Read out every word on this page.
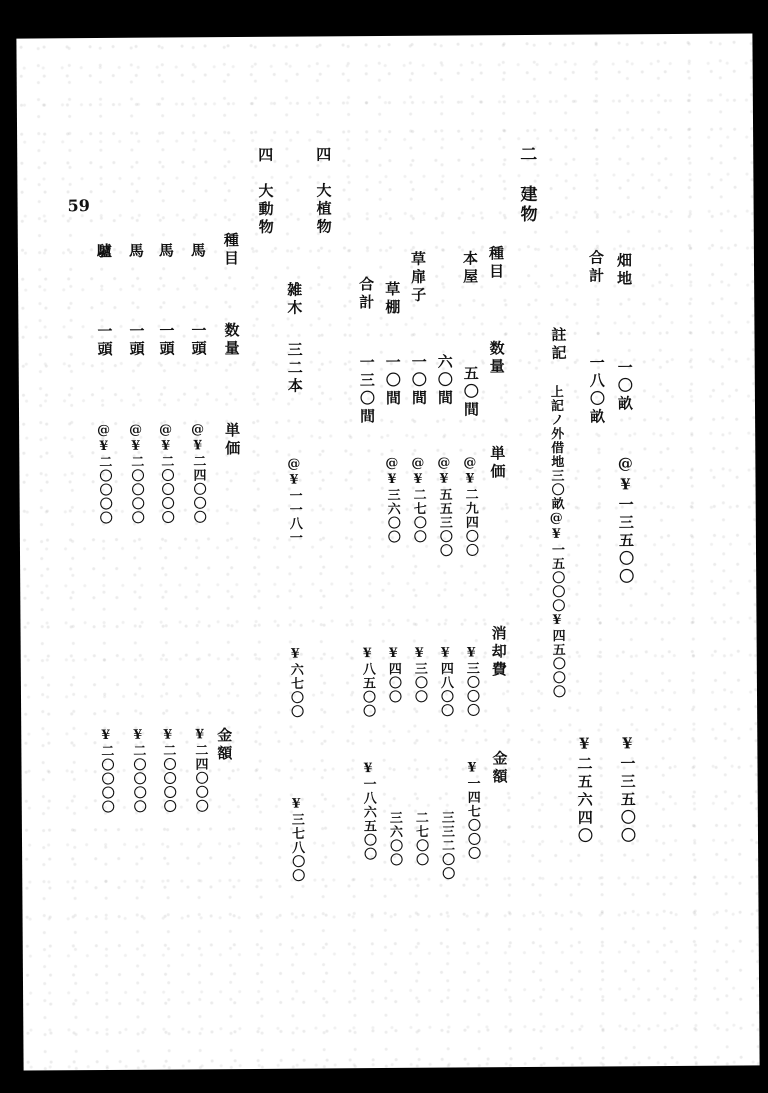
59
畑地
一〇畝
@¥一三五〇〇
¥一三五〇〇
合計
一八〇畝
¥二五六四〇
註記
上記ノ外借地三〇畝@¥一五〇〇〇¥四五〇〇〇
二　建物
種目
数量
単価
消却費
金額
本屋
五〇間
@¥二九四〇〇
¥三〇〇〇
¥一四七〇〇〇
六〇間
@¥五五三〇〇
¥四八〇〇
三三二〇〇
草扉子
一〇間
@¥二七〇〇
¥三〇〇
二七〇〇
草棚
一〇間
@¥三六〇〇
¥四〇〇
三六〇〇
合計
一三〇間
¥八五〇〇
¥一八六五〇〇
四　大植物
雑木
三二本
@¥一一八一
¥六七〇〇
¥三七八〇〇
四　大動物
種目
数量
単価
金額
馬
一頭
@¥二四〇〇〇
¥二四〇〇〇
馬
一頭
@¥二〇〇〇〇
¥二〇〇〇〇
馬
一頭
@¥二〇〇〇〇
¥二〇〇〇〇
驢
一頭
@¥二〇〇〇〇
¥二〇〇〇〇
